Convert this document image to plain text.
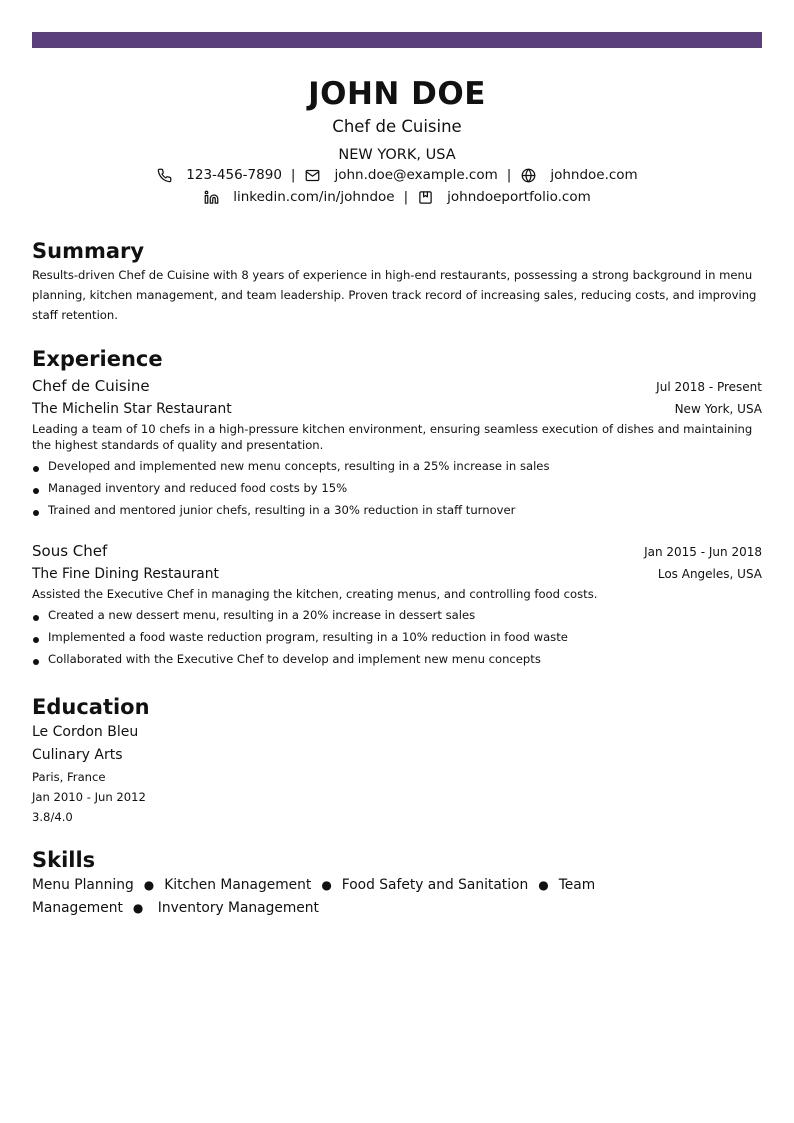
JOHN DOE
Chef de Cuisine
NEW YORK, USA
123-456-7890 |	john.doe@example.com |	johndoe.com
linkedin.com/in/johndoe |	johndoeportfolio.com
Summary

Results-driven Chef de Cuisine with 8 years of experience in high-end restaurants, possessing a strong background in menu planning, kitchen management, and team leadership. Proven track record of increasing sales, reducing costs, and improving staff retention.

Experience
Chef de Cuisine	Jul 2018 - Present
The Michelin Star Restaurant	New York, USA

Leading a team of 10 chefs in a high-pressure kitchen environment, ensuring seamless execution of dishes and maintaining the highest standards of quality and presentation.

Developed and implemented new menu concepts, resulting in a 25% increase in sales
Managed inventory and reduced food costs by 15%
Trained and mentored junior chefs, resulting in a 30% reduction in staff turnover
Sous Chef	Jan 2015 - Jun 2018
The Fine Dining Restaurant	Los Angeles, USA

Assisted the Executive Chef in managing the kitchen, creating menus, and controlling food costs.

Created a new dessert menu, resulting in a 20% increase in dessert sales
Implemented a food waste reduction program, resulting in a 10% reduction in food waste
Collaborated with the Executive Chef to develop and implement new menu concepts
Education
Le Cordon Bleu
Culinary Arts
Paris, France
Jan 2010 - Jun 2012
3.8/4.0
Skills
Menu Planning ● Kitchen Management ● Food Safety and Sanitation ● Team Management ● Inventory Management
